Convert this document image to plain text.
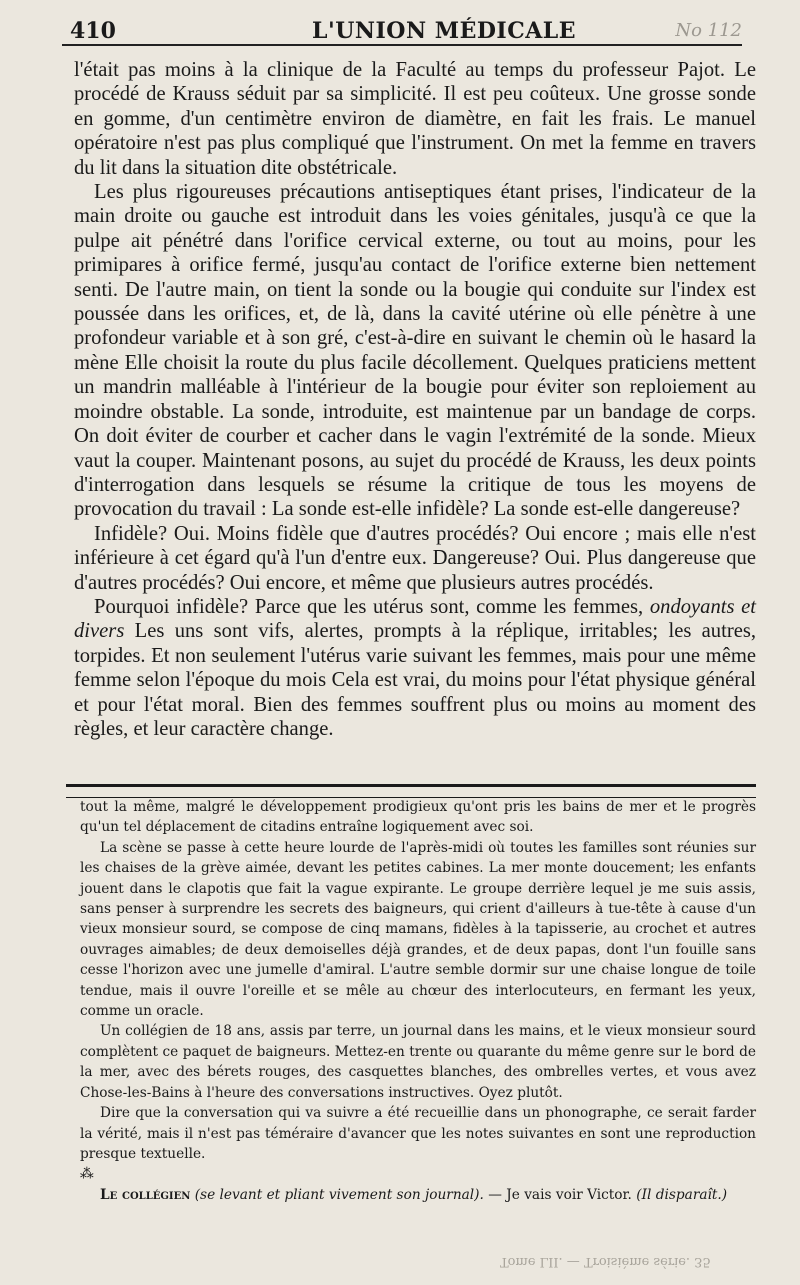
410	L'UNION MÉDICALE	No 112

l'était pas moins à la clinique de la Faculté au temps du professeur Pajot. Le procédé de Krauss séduit par sa simplicité. Il est peu coûteux. Une grosse sonde en gomme, d'un centimètre environ de diamètre, en fait les frais. Le manuel opératoire n'est pas plus compliqué que l'instrument. On met la femme en travers du lit dans la situation dite obstétricale.

Les plus rigoureuses précautions antiseptiques étant prises, l'indicateur de la main droite ou gauche est introduit dans les voies génitales, jusqu'à ce que la pulpe ait pénétré dans l'orifice cervical externe, ou tout au moins, pour les primipares à orifice fermé, jusqu'au contact de l'orifice externe bien nettement senti. De l'autre main, on tient la sonde ou la bougie qui conduite sur l'index est poussée dans les orifices, et, de là, dans la cavité utérine où elle pénètre à une profondeur variable et à son gré, c'est-à-dire en suivant le chemin où le hasard la mène Elle choisit la route du plus facile décollement. Quelques praticiens mettent un mandrin malléable à l'intérieur de la bougie pour éviter son reploiement au moindre obstable. La sonde, introduite, est maintenue par un bandage de corps. On doit éviter de courber et cacher dans le vagin l'extrémité de la sonde. Mieux vaut la couper. Maintenant posons, au sujet du procédé de Krauss, les deux points d'interrogation dans lesquels se résume la critique de tous les moyens de provocation du travail : La sonde est-elle infidèle? La sonde est-elle dangereuse?

Infidèle? Oui. Moins fidèle que d'autres procédés? Oui encore ; mais elle n'est inférieure à cet égard qu'à l'un d'entre eux. Dangereuse? Oui. Plus dangereuse que d'autres procédés? Oui encore, et même que plusieurs autres procédés.

Pourquoi infidèle? Parce que les utérus sont, comme les femmes, ondoyants et divers Les uns sont vifs, alertes, prompts à la réplique, irritables; les autres, torpides. Et non seulement l'utérus varie suivant les femmes, mais pour une même femme selon l'époque du mois Cela est vrai, du moins pour l'état physique général et pour l'état moral. Bien des femmes souffrent plus ou moins au moment des règles, et leur caractère change.

tout la même, malgré le développement prodigieux qu'ont pris les bains de mer et le progrès qu'un tel déplacement de citadins entraîne logiquement avec soi.

La scène se passe à cette heure lourde de l'après-midi où toutes les familles sont réunies sur les chaises de la grève aimée, devant les petites cabines. La mer monte doucement; les enfants jouent dans le clapotis que fait la vague expirante. Le groupe derrière lequel je me suis assis, sans penser à surprendre les secrets des baigneurs, qui crient d'ailleurs à tue-tête à cause d'un vieux monsieur sourd, se compose de cinq mamans, fidèles à la tapisserie, au crochet et autres ouvrages aimables; de deux demoiselles déjà grandes, et de deux papas, dont l'un fouille sans cesse l'horizon avec une jumelle d'amiral. L'autre semble dormir sur une chaise longue de toile tendue, mais il ouvre l'oreille et se mêle au chœur des interlocuteurs, en fermant les yeux, comme un oracle.

Un collégien de 18 ans, assis par terre, un journal dans les mains, et le vieux monsieur sourd complètent ce paquet de baigneurs. Mettez-en trente ou quarante du même genre sur le bord de la mer, avec des bérets rouges, des casquettes blanches, des ombrelles vertes, et vous avez Chose-les-Bains à l'heure des conversations instructives. Oyez plutôt.

Dire que la conversation qui va suivre a été recueillie dans un phonographe, ce serait farder la vérité, mais il n'est pas téméraire d'avancer que les notes suivantes en sont une reproduction presque textuelle.

⁂

Le collégien (se levant et pliant vivement son journal). — Je vais voir Victor. (Il disparaît.)

Tome LII. — Troisième série. 35
